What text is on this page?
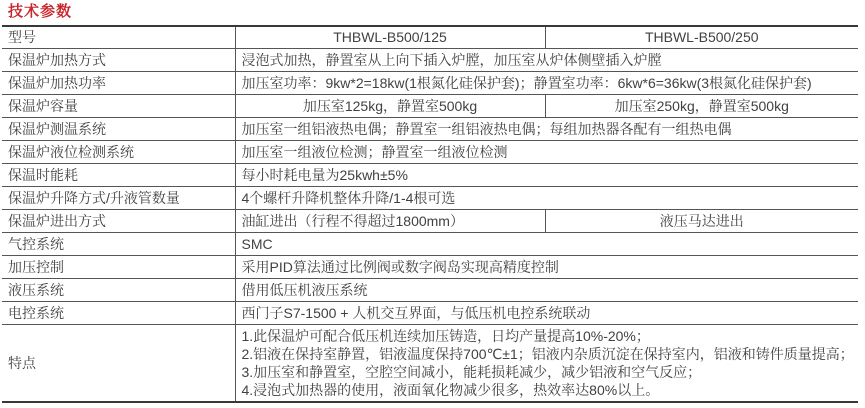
技术参数
型号	THBWL-B500/125	THBWL-B500/250
保温炉加热方式	浸泡式加热，静置室从上向下插入炉膛，加压室从炉体侧壁插入炉膛	
保温炉加热功率	加压室功率：9kw*2=18kw(1根氮化硅保护套)；静置室功率：6kw*6=36kw(3根氮化硅保护套)	
保温炉容量	加压室125kg，静置室500kg	加压室250kg，静置室500kg
保温炉测温系统	加压室一组铝液热电偶；静置室一组铝液热电偶；每组加热器各配有一组热电偶	
保温炉液位检测系统	加压室一组液位检测；静置室一组液位检测	
保温时能耗	每小时耗电量为25kwh±5%	
保温炉升降方式/升液管数量	4个螺杆升降机整体升降/1-4根可选	
保温炉进出方式	油缸进出（行程不得超过1800mm）	液压马达进出
气控系统	SMC	
加压控制	采用PID算法通过比例阀或数字阀岛实现高精度控制	
液压系统	借用低压机液压系统	
电控系统	西门子S7-1500 + 人机交互界面，与低压机电控系统联动	
特点	1.此保温炉可配合低压机连续加压铸造，日均产量提高10%-20%；
2.铝液在保持室静置，铝液温度保持700℃±1；铝液内杂质沉淀在保持室内，铝液和铸件质量提高；
3.加压室和静置室，空腔空间减小，能耗损耗减少，减少铝液和空气反应；
4.浸泡式加热器的使用，液面氧化物减少很多，热效率达80%以上。	
